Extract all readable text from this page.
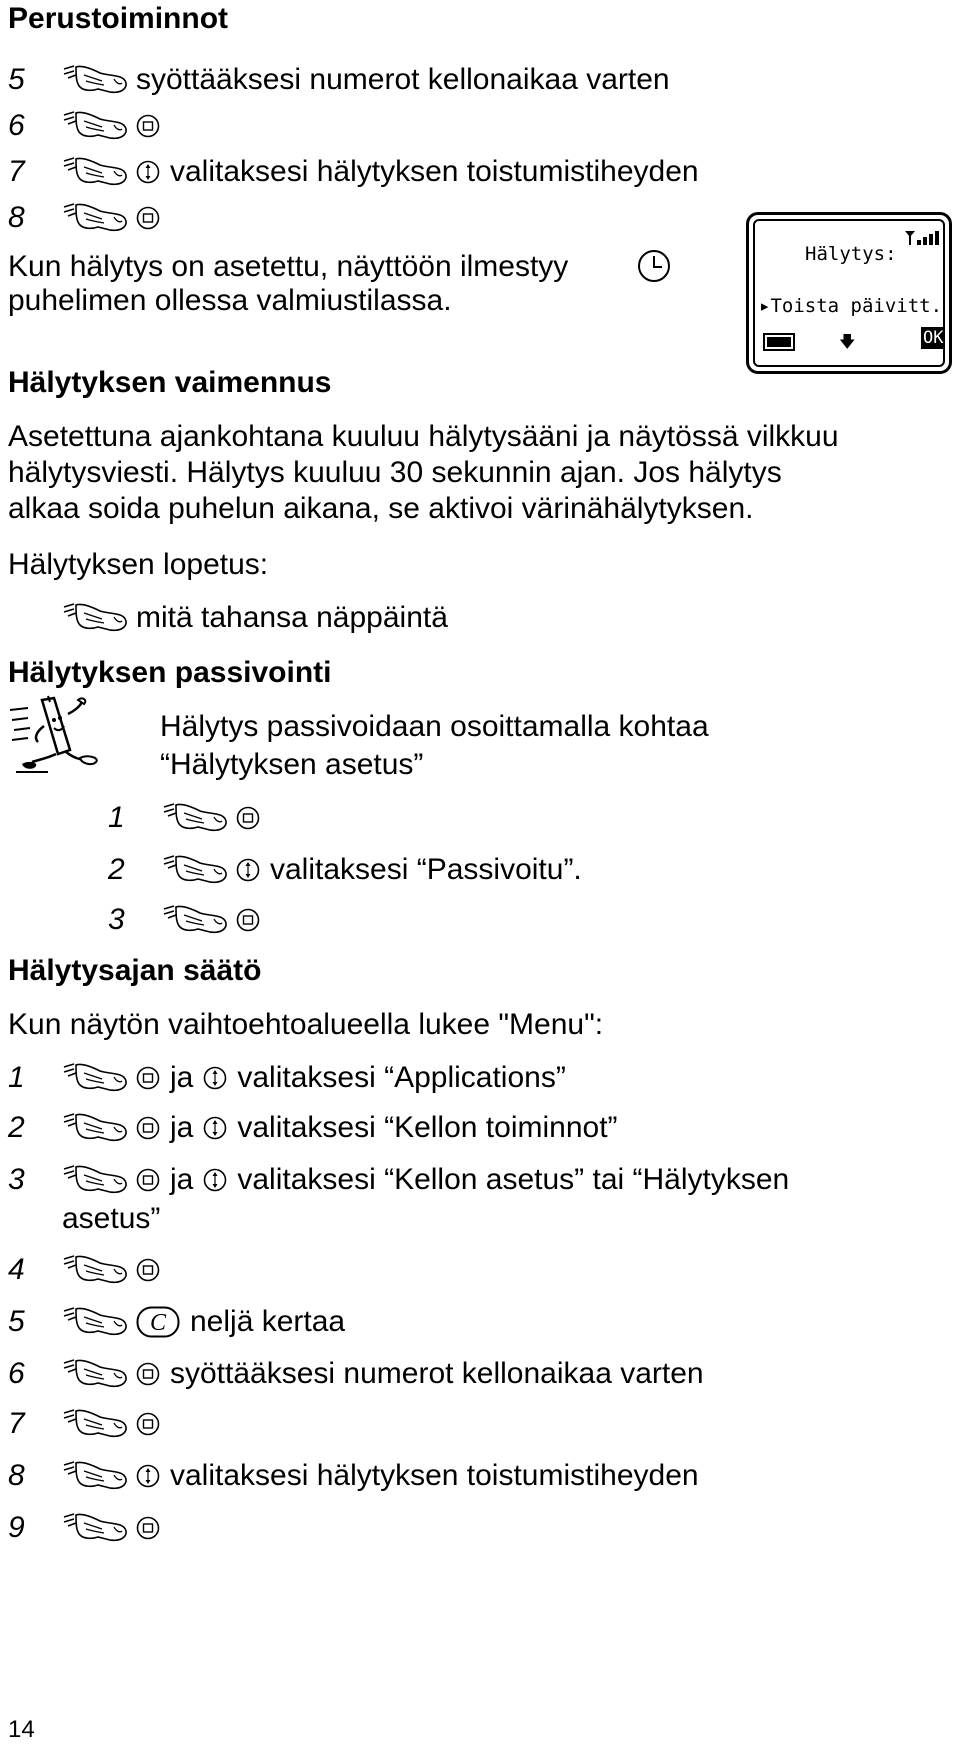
Perustoiminnot
5	syöttääksesi numerot kellonaikaa varten
6
7	valitaksesi hälytyksen toistumistiheyden
8
Kun hälytys on asetettu, näyttöön ilmestyy
puhelimen ollessa valmiustilassa.
Hälytys:
▸Toista päivitt.
🡇	OK
Hälytyksen vaimennus
Asetettuna ajankohtana kuuluu hälytysääni ja näytössä vilkkuu
hälytysviesti. Hälytys kuuluu 30 sekunnin ajan. Jos hälytys
alkaa soida puhelun aikana, se aktivoi värinähälytyksen.
Hälytyksen lopetus:
mitä tahansa näppäintä
Hälytyksen passivointi
Hälytys passivoidaan osoittamalla kohtaa
“Hälytyksen asetus”
1
2	valitaksesi “Passivoitu”.
3
Hälytysajan säätö
Kun näytön vaihtoehtoalueella lukee "Menu":
1	ja valitaksesi “Applications”
2	ja valitaksesi “Kellon toiminnot”
3	ja valitaksesi “Kellon asetus” tai “Hälytyksen
asetus”
4
5	C neljä kertaa
6	syöttääksesi numerot kellonaikaa varten
7
8	valitaksesi hälytyksen toistumistiheyden
9
14
